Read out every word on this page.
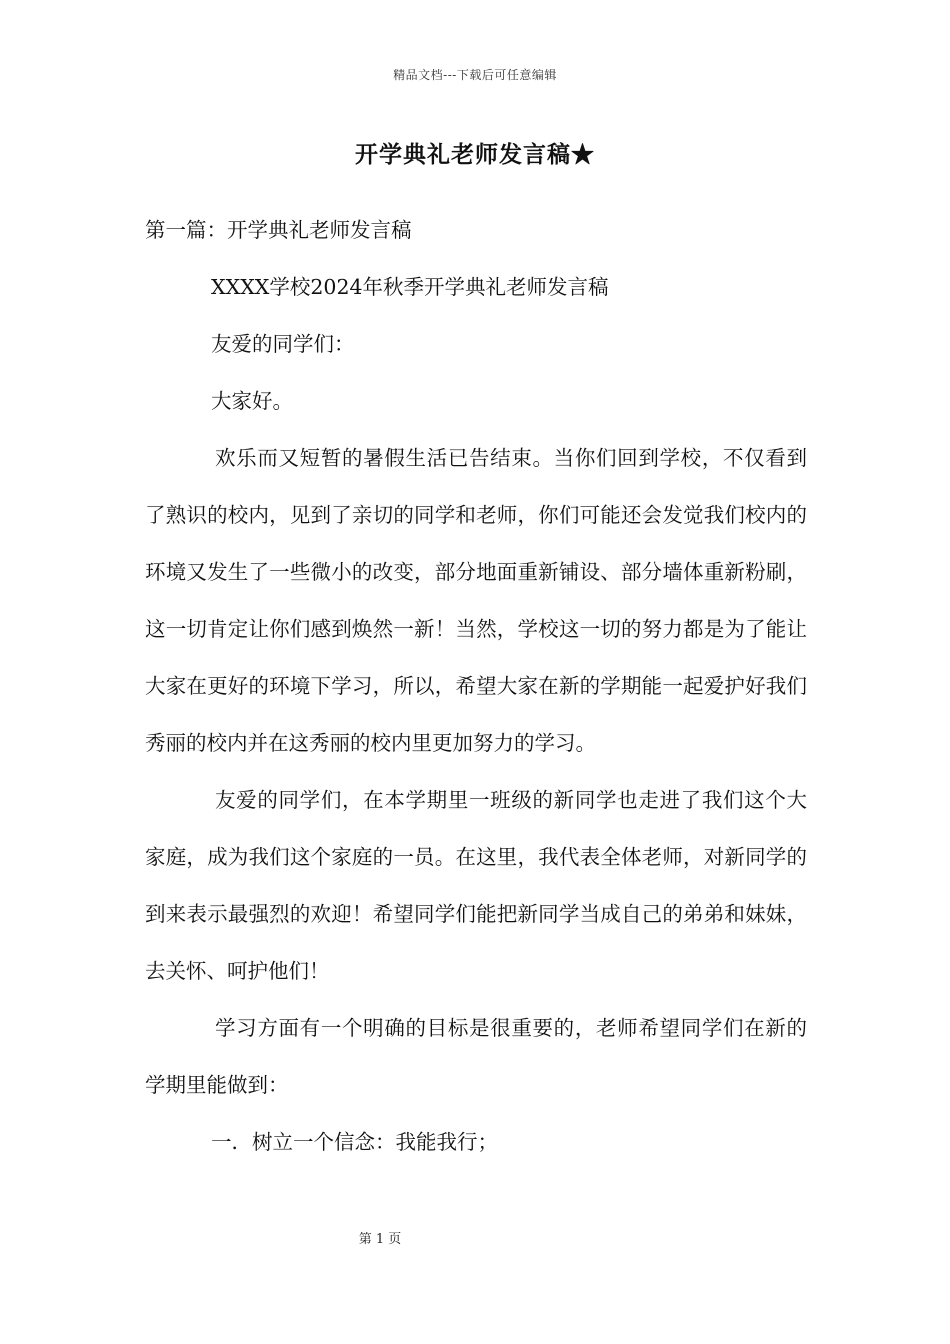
精品文档---下载后可任意编辑
开学典礼老师发言稿★

第一篇：开学典礼老师发言稿

XXXX学校2024年秋季开学典礼老师发言稿

友爱的同学们：

大家好。

欢乐而又短暂的暑假生活已告结束。当你们回到学校，不仅看到了熟识的校内，见到了亲切的同学和老师，你们可能还会发觉我们校内的环境又发生了一些微小的改变，部分地面重新铺设、部分墙体重新粉刷，这一切肯定让你们感到焕然一新！当然，学校这一切的努力都是为了能让大家在更好的环境下学习，所以，希望大家在新的学期能一起爱护好我们秀丽的校内并在这秀丽的校内里更加努力的学习。

友爱的同学们，在本学期里一班级的新同学也走进了我们这个大家庭，成为我们这个家庭的一员。在这里，我代表全体老师，对新同学的到来表示最强烈的欢迎！希望同学们能把新同学当成自己的弟弟和妹妹，去关怀、呵护他们！

学习方面有一个明确的目标是很重要的，老师希望同学们在新的学期里能做到：

一．树立一个信念：我能我行；

第 1 页
